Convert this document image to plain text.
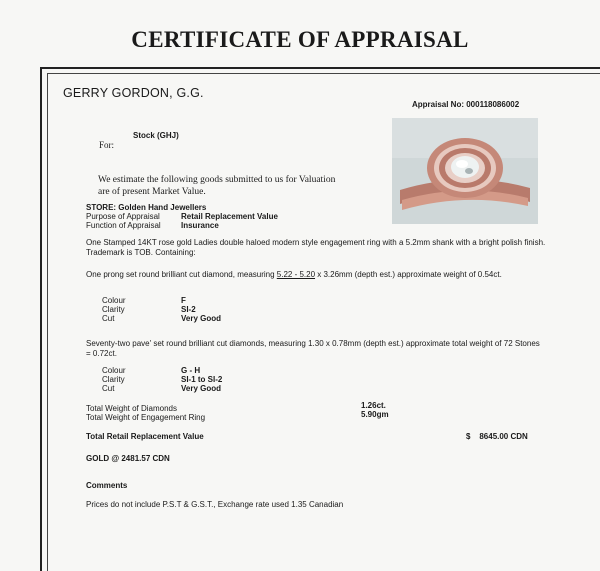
CERTIFICATE OF APPRAISAL
GERRY GORDON, G.G.
Appraisal No: 000118086002
Stock (GHJ)
For:
We estimate the following goods submitted to us for Valuation are of present Market Value.
STORE: Golden Hand Jewellers
Purpose of Appraisal	Retail Replacement Value
Function of Appraisal	Insurance
One Stamped 14KT rose gold Ladies double haloed modern style engagement ring with a 5.2mm shank with a bright polish finish. Trademark is TOB. Containing:
One prong set round brilliant cut diamond, measuring 5.22 - 5.20 x 3.26mm (depth est.) approximate weight of 0.54ct.
Colour	F
Clarity	SI-2
Cut	Very Good
Seventy-two pave' set round brilliant cut diamonds, measuring 1.30 x 0.78mm (depth est.) approximate total weight of 72 Stones = 0.72ct.
Colour	G - H
Clarity	SI-1 to SI-2
Cut	Very Good
Total Weight of Diamonds	1.26ct.
Total Weight of Engagement Ring	5.90gm
Total Retail Replacement Value	$    8645.00 CDN
GOLD @ 2481.57 CDN
Comments
Prices do not include P.S.T & G.S.T., Exchange rate used 1.35 Canadian
